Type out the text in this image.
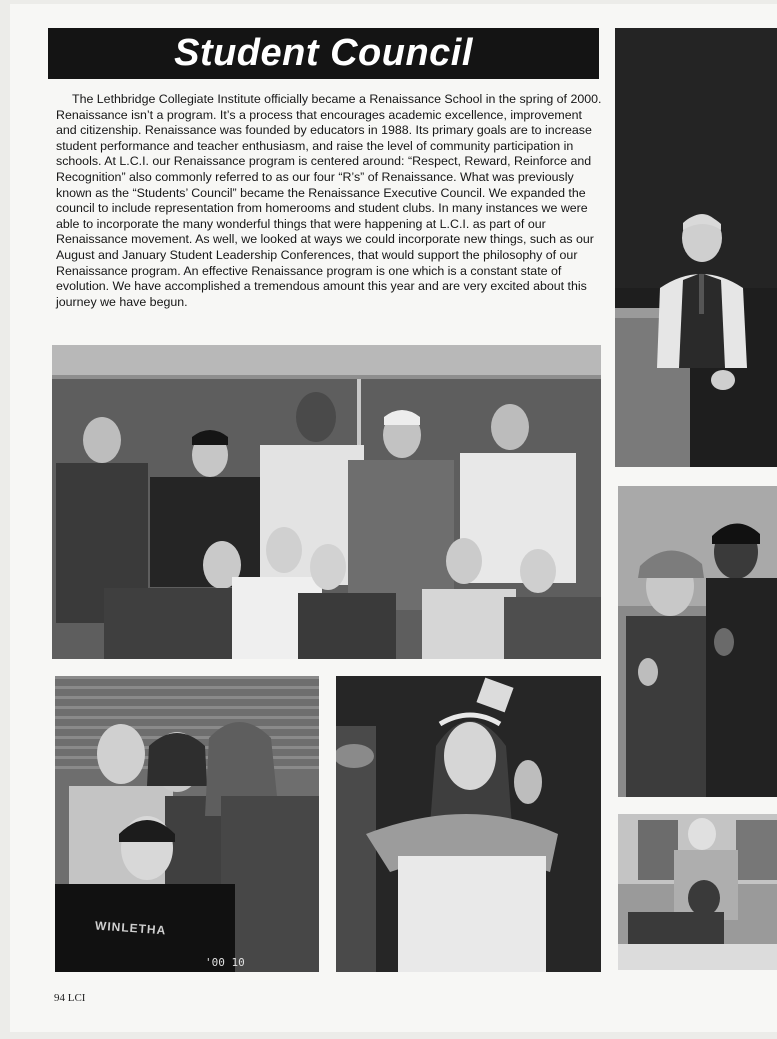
Student Council

The Lethbridge Collegiate Institute officially became a Renaissance School in the spring of 2000. Renaissance isn’t a program. It’s a process that encourages academic excellence, improvement and citizenship. Renaissance was founded by educators in 1988. Its primary goals are to increase student performance and teacher enthusiasm, and raise the level of community participation in schools. At L.C.I. our Renaissance program is centered around: “Respect, Reward, Reinforce and Recognition” also commonly referred to as our four “R’s” of Renaissance. What was previously known as the “Students’ Council” became the Renaissance Executive Council. We expanded the council to include representation from homerooms and student clubs. In many instances we were able to incorporate the many wonderful things that were happening at L.C.I. as part of our Renaissance movement. As well, we looked at ways we could incorporate new things, such as our August and January Student Leadership Conferences, that would support the philosophy of our Renaissance program. An effective Renaissance program is one which is a constant state of evolution. We have accomplished a tremendous amount this year and are very excited about this journey we have begun.

WINLETHA
'00 10
94 LCI
